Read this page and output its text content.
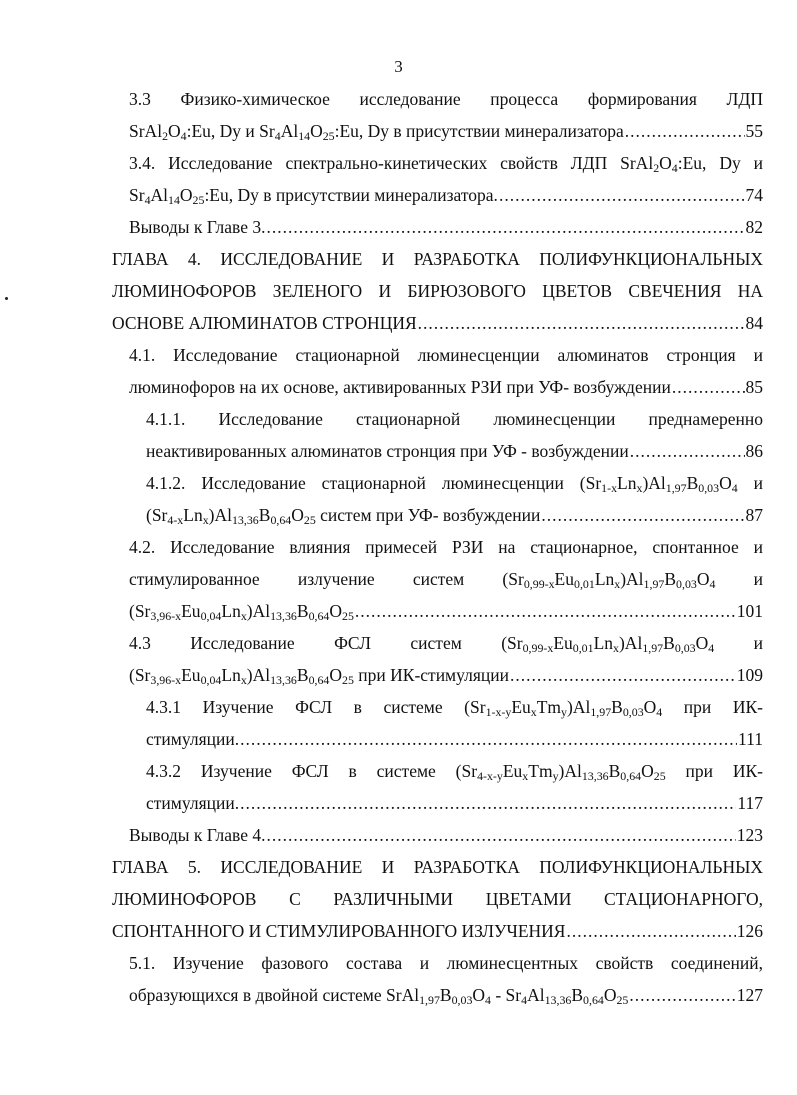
3
3.3 Физико-химическое исследование процесса формирования ЛДП
$SrAl_2O_4:Eu$, Dy и $Sr_4Al_{14}O_{25}:Eu$, Dy в присутствии минерализатора .....	55
3.4. Исследование спектрально-кинетических свойств ЛДП $SrAl_2O_4:Eu$, Dy и
$Sr_4Al_{14}O_{25}:Eu$, Dy в присутствии минерализатора. .....	74
Выводы к Главе 3. .....	82
ГЛАВА 4. ИССЛЕДОВАНИЕ И РАЗРАБОТКА ПОЛИФУНКЦИОНАЛЬНЫХ
ЛЮМИНОФОРОВ ЗЕЛЕНОГО И БИРЮЗОВОГО ЦВЕТОВ СВЕЧЕНИЯ НА
ОСНОВЕ АЛЮМИНАТОВ СТРОНЦИЯ .....	84
4.1. Исследование стационарной люминесценции алюминатов стронция и
люминофоров на их основе, активированных РЗИ при УФ- возбуждении .....	85
4.1.1. Исследование стационарной люминесценции преднамеренно
неактивированных алюминатов стронция при УФ - возбуждении .....	86
4.1.2. Исследование стационарной люминесценции $(Sr_{1-x}Ln_x)Al_{1,97}B_{0,03}O_4$ и
$(Sr_{4-x}Ln_x)Al_{13,36}B_{0,64}O_{25}$ систем при УФ- возбуждении .....	87
4.2. Исследование влияния примесей РЗИ на стационарное, спонтанное и
стимулированное излучение систем $(Sr_{0,99-x}Eu_{0,01}Ln_x)Al_{1,97}B_{0,03}O_4$ и
$(Sr_{3,96-x}Eu_{0,04}Ln_x)Al_{13,36}B_{0,64}O_{25}$ .....	101
4.3 Исследование ФСЛ систем $(Sr_{0,99-x}Eu_{0,01}Ln_x)Al_{1,97}B_{0,03}O_4$ и
$(Sr_{3,96-x}Eu_{0,04}Ln_x)Al_{13,36}B_{0,64}O_{25}$ при ИК-стимуляции .....	109
4.3.1 Изучение ФСЛ в системе $(Sr_{1-x-y}Eu_xTm_y)Al_{1,97}B_{0,03}O_4$ при ИК-
стимуляции. .....	111
4.3.2 Изучение ФСЛ в системе $(Sr_{4-x-y}Eu_xTm_y)Al_{13,36}B_{0,64}O_{25}$ при ИК-
стимуляции. .....	117
Выводы к Главе 4. .....	123
ГЛАВА 5. ИССЛЕДОВАНИЕ И РАЗРАБОТКА ПОЛИФУНКЦИОНАЛЬНЫХ
ЛЮМИНОФОРОВ С РАЗЛИЧНЫМИ ЦВЕТАМИ СТАЦИОНАРНОГО,
СПОНТАННОГО И СТИМУЛИРОВАННОГО ИЗЛУЧЕНИЯ .....	126
5.1. Изучение фазового состава и люминесцентных свойств соединений,
образующихся в двойной системе $SrAl_{1,97}B_{0,03}O_4 - Sr_4Al_{13,36}B_{0,64}O_{25}$ .....	127
